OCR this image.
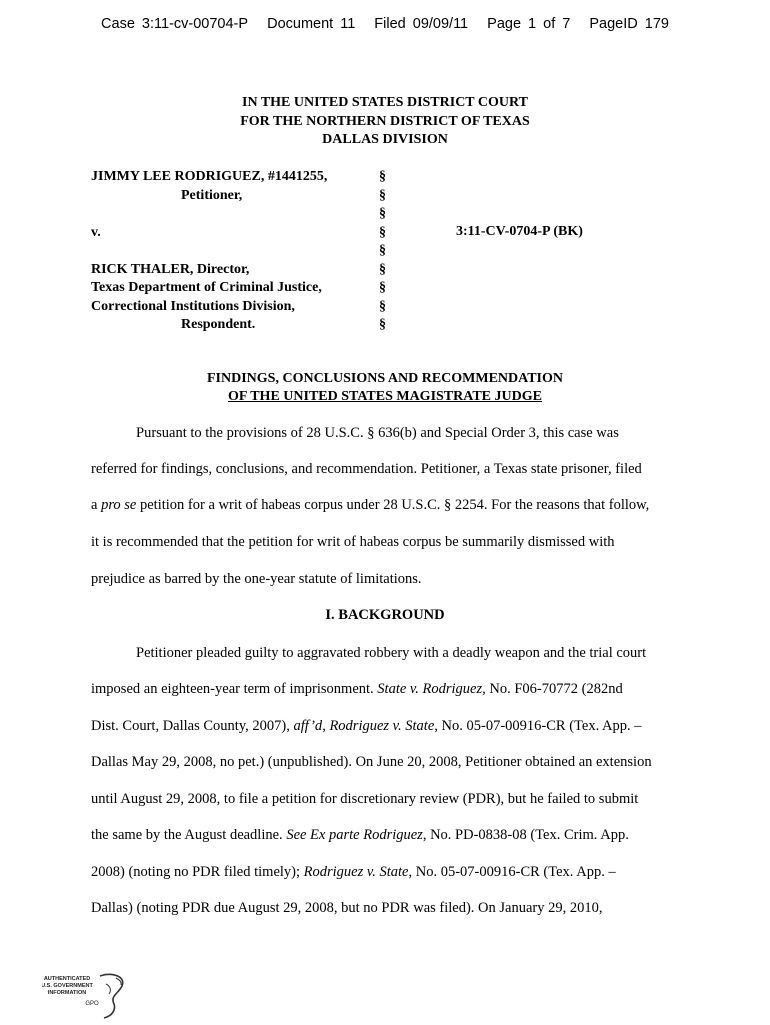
Case 3:11-cv-00704-P Document 11 Filed 09/09/11 Page 1 of 7 PageID 179
IN THE UNITED STATES DISTRICT COURT
FOR THE NORTHERN DISTRICT OF TEXAS
DALLAS DIVISION
JIMMY LEE RODRIGUEZ, #1441255,
Petitioner,

v.

RICK THALER, Director,
Texas Department of Criminal Justice,
Correctional Institutions Division,
Respondent.
§
§
§
§
§
§
§
§
§
3:11-CV-0704-P (BK)
FINDINGS, CONCLUSIONS AND RECOMMENDATION
OF THE UNITED STATES MAGISTRATE JUDGE
Pursuant to the provisions of 28 U.S.C. § 636(b) and Special Order 3, this case was
referred for findings, conclusions, and recommendation. Petitioner, a Texas state prisoner, filed
a pro se petition for a writ of habeas corpus under 28 U.S.C. § 2254. For the reasons that follow,
it is recommended that the petition for writ of habeas corpus be summarily dismissed with
prejudice as barred by the one-year statute of limitations.
I. BACKGROUND
Petitioner pleaded guilty to aggravated robbery with a deadly weapon and the trial court
imposed an eighteen-year term of imprisonment. State v. Rodriguez, No. F06-70772 (282nd
Dist. Court, Dallas County, 2007), aff’d, Rodriguez v. State, No. 05-07-00916-CR (Tex. App. –
Dallas May 29, 2008, no pet.) (unpublished). On June 20, 2008, Petitioner obtained an extension
until August 29, 2008, to file a petition for discretionary review (PDR), but he failed to submit
the same by the August deadline. See Ex parte Rodriguez, No. PD-0838-08 (Tex. Crim. App.
2008) (noting no PDR filed timely); Rodriguez v. State, No. 05-07-00916-CR (Tex. App. –
Dallas) (noting PDR due August 29, 2008, but no PDR was filed). On January 29, 2010,
AUTHENTICATED
U.S. GOVERNMENT
INFORMATION
GPO
